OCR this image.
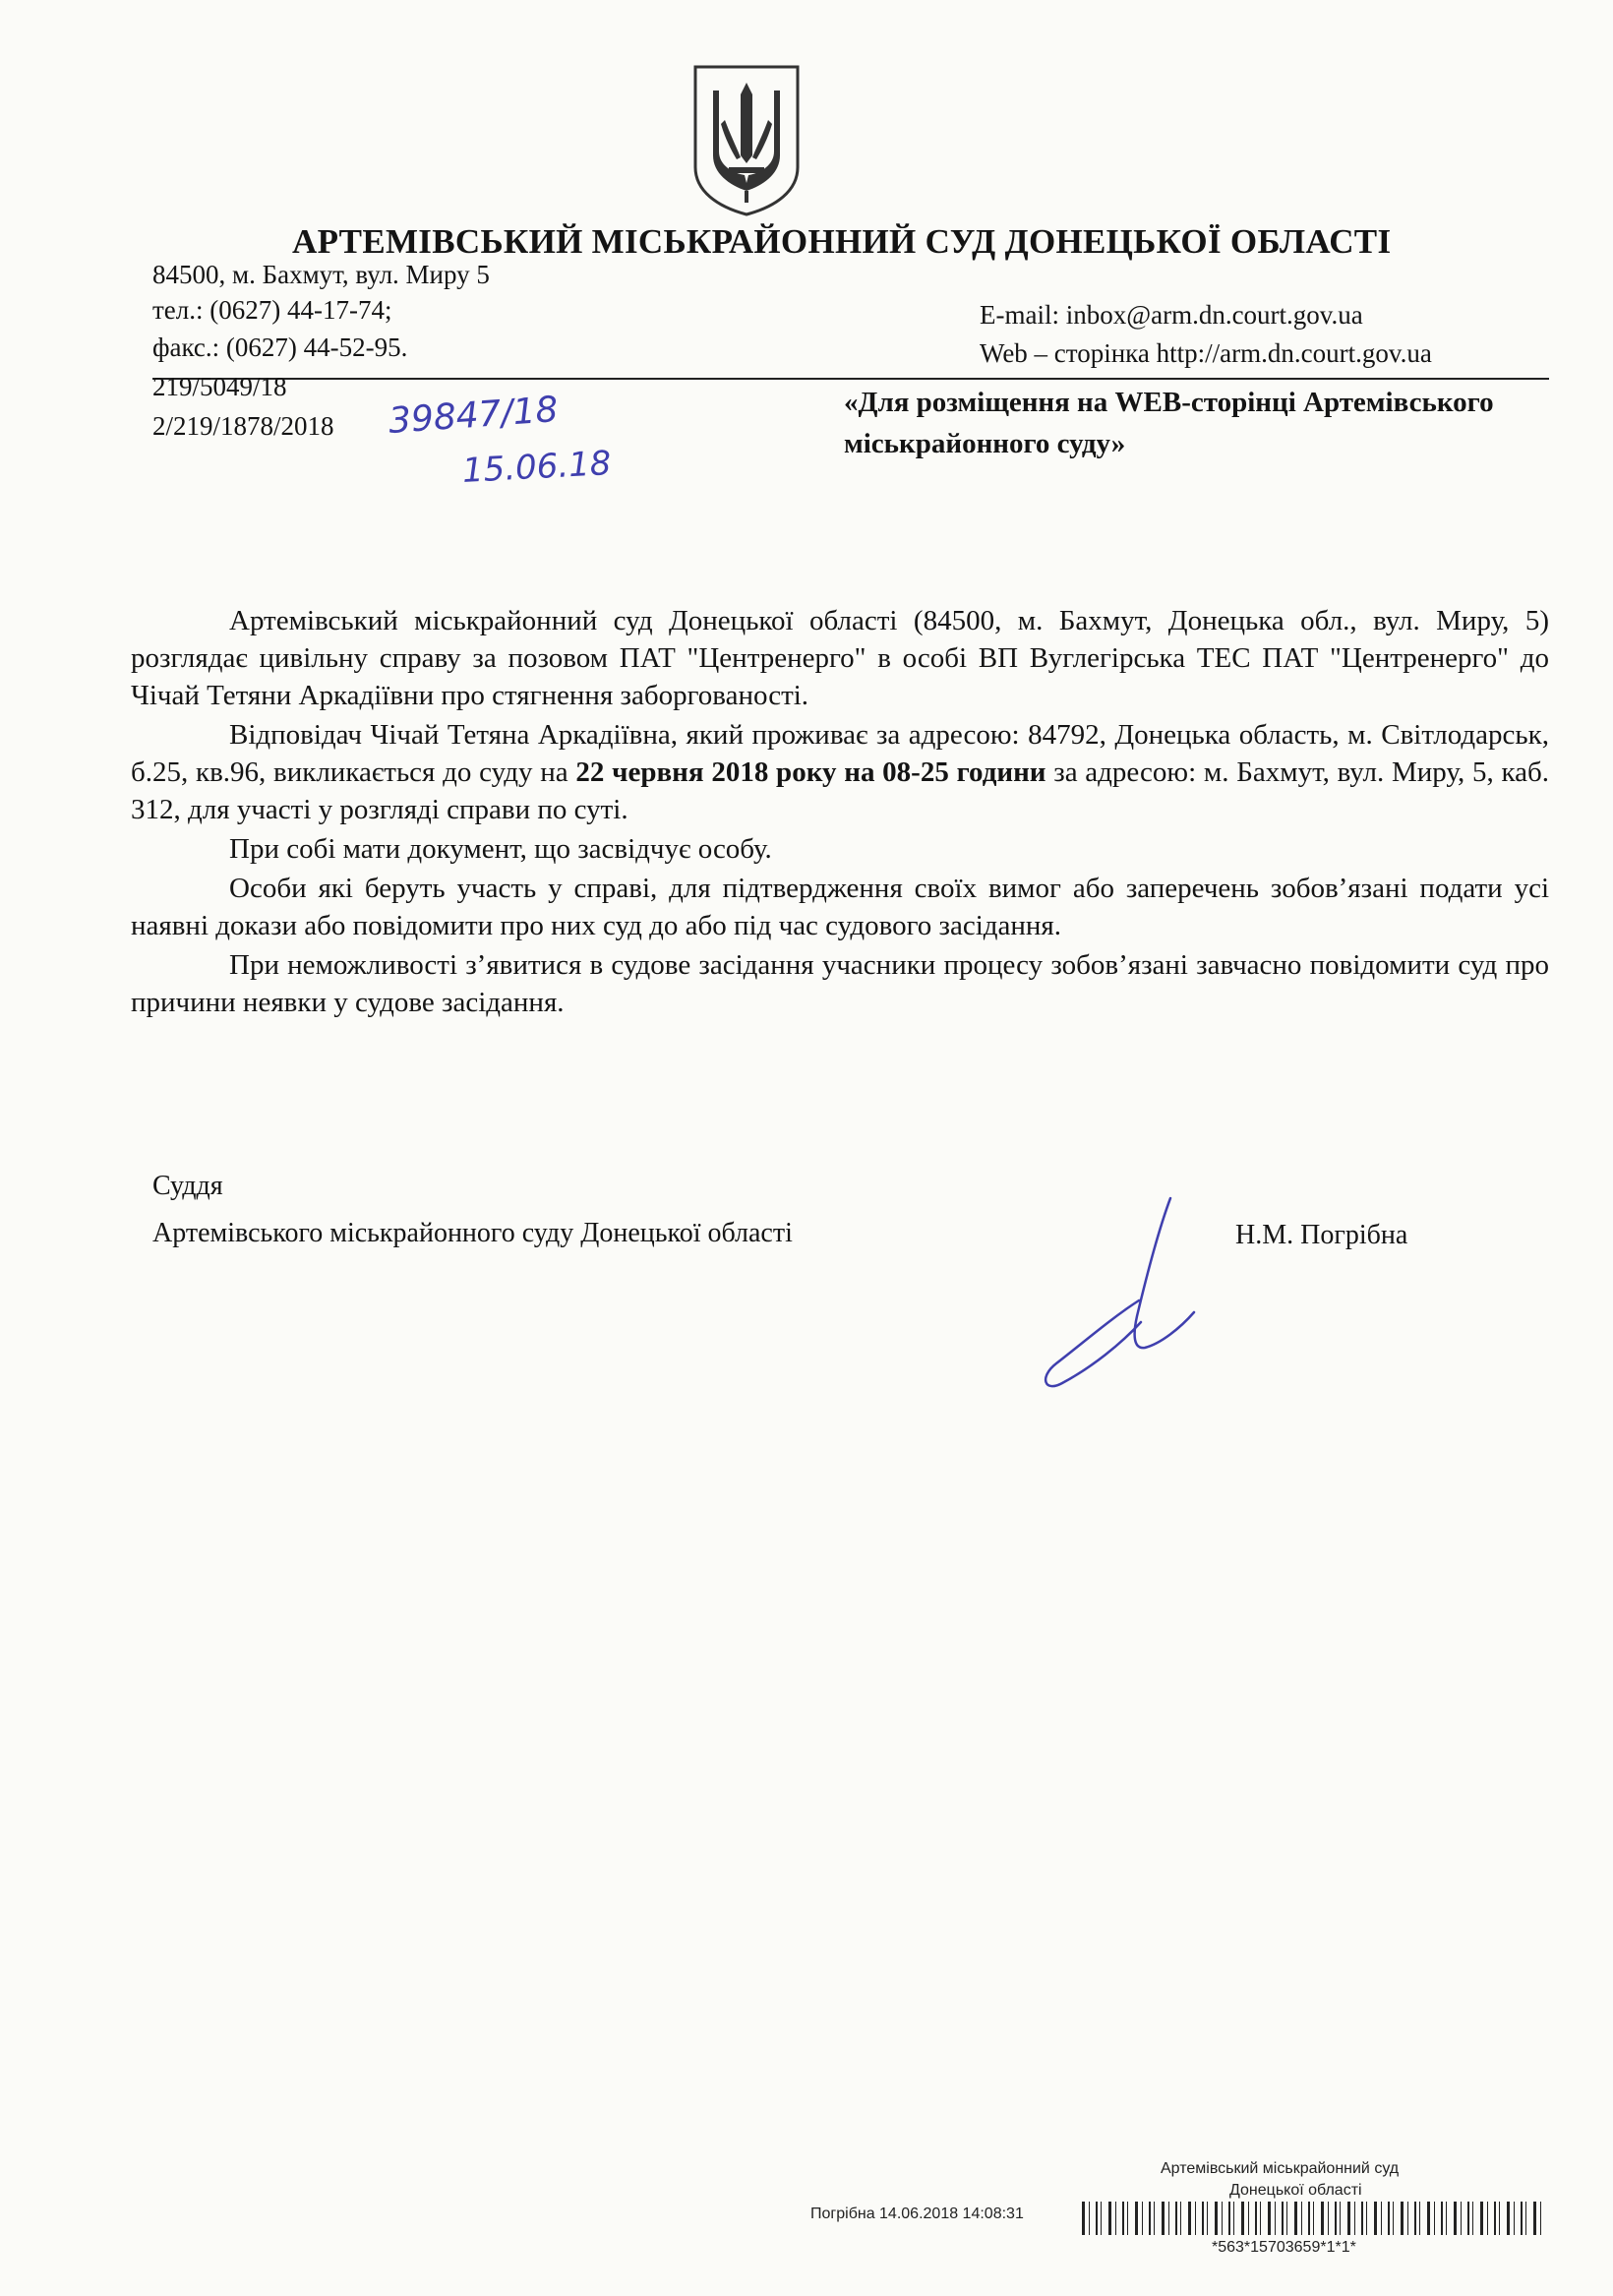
АРТЕМІВСЬКИЙ МІСЬКРАЙОННИЙ СУД ДОНЕЦЬКОЇ ОБЛАСТІ
84500, м. Бахмут, вул. Миру 5
тел.: (0627) 44-17-74;
факс.: (0627) 44-52-95.
E-mail: inbox@arm.dn.court.gov.ua
Web – сторінка http://arm.dn.court.gov.ua
219/5049/18
2/219/1878/2018 39847/18
15.06.18
«Для розміщення на WEB-сторінці Артемівського міськрайонного суду»

Артемівський міськрайонний суд Донецької області (84500, м. Бахмут, Донецька обл., вул. Миру, 5) розглядає цивільну справу за позовом ПАТ "Центренерго" в особі ВП Вуглегірська ТЕС ПАТ "Центренерго" до Чічай Тетяни Аркадіївни про стягнення заборгованості.

Відповідач Чічай Тетяна Аркадіївна, який проживає за адресою: 84792, Донецька область, м. Світлодарськ, б.25, кв.96, викликається до суду на 22 червня 2018 року на 08-25 години за адресою: м. Бахмут, вул. Миру, 5, каб. 312, для участі у розгляді справи по суті.

При собі мати документ, що засвідчує особу.

Особи які беруть участь у справі, для підтвердження своїх вимог або заперечень зобов’язані подати усі наявні докази або повідомити про них суд до або під час судового засідання.

При неможливості з’явитися в судове засідання учасники процесу зобов’язані завчасно повідомити суд про причини неявки у судове засідання.

Суддя
Артемівського міськрайонного суду Донецької області	Н.М. Погрібна
Артемівський міськрайонний суд
Донецької області
Погрібна 14.06.2018 14:08:31
*563*15703659*1*1*
